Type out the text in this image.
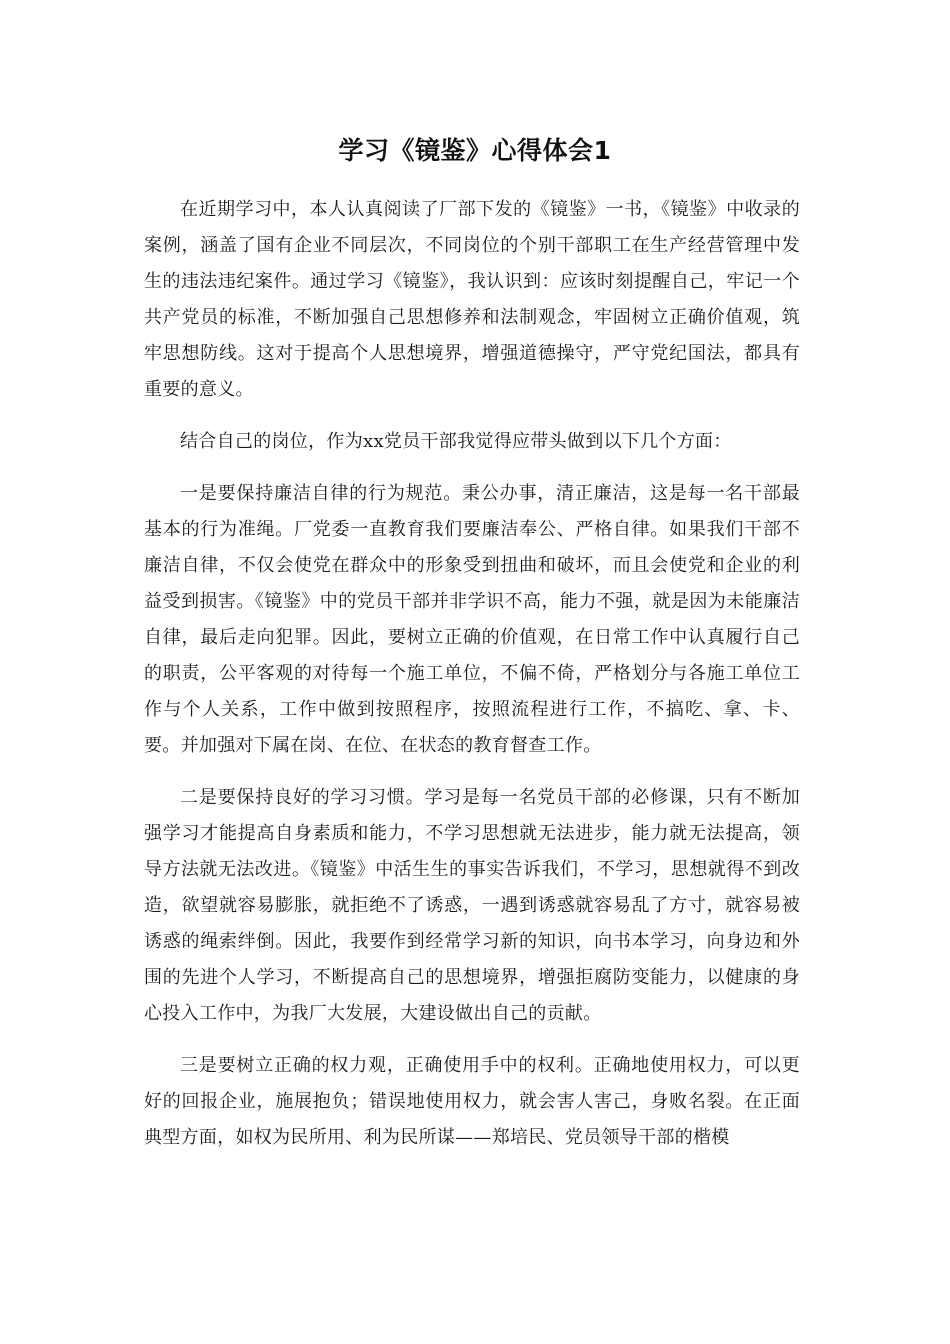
学习《镜鉴》心得体会1

在近期学习中，本人认真阅读了厂部下发的《镜鉴》一书，《镜鉴》中收录的案例，涵盖了国有企业不同层次，不同岗位的个别干部职工在生产经营管理中发生的违法违纪案件。通过学习《镜鉴》，我认识到：应该时刻提醒自己，牢记一个共产党员的标准，不断加强自己思想修养和法制观念，牢固树立正确价值观，筑牢思想防线。这对于提高个人思想境界，增强道德操守，严守党纪国法，都具有重要的意义。

结合自己的岗位，作为xx党员干部我觉得应带头做到以下几个方面：

一是要保持廉洁自律的行为规范。秉公办事，清正廉洁，这是每一名干部最基本的行为准绳。厂党委一直教育我们要廉洁奉公、严格自律。如果我们干部不廉洁自律，不仅会使党在群众中的形象受到扭曲和破坏，而且会使党和企业的利益受到损害。《镜鉴》中的党员干部并非学识不高，能力不强，就是因为未能廉洁自律，最后走向犯罪。因此，要树立正确的价值观，在日常工作中认真履行自己的职责，公平客观的对待每一个施工单位，不偏不倚，严格划分与各施工单位工作与个人关系，工作中做到按照程序，按照流程进行工作，不搞吃、拿、卡、要。并加强对下属在岗、在位、在状态的教育督查工作。

二是要保持良好的学习习惯。学习是每一名党员干部的必修课，只有不断加强学习才能提高自身素质和能力，不学习思想就无法进步，能力就无法提高，领导方法就无法改进。《镜鉴》中活生生的事实告诉我们，不学习，思想就得不到改造，欲望就容易膨胀，就拒绝不了诱惑，一遇到诱惑就容易乱了方寸，就容易被诱惑的绳索绊倒。因此，我要作到经常学习新的知识，向书本学习，向身边和外围的先进个人学习，不断提高自己的思想境界，增强拒腐防变能力，以健康的身心投入工作中，为我厂大发展，大建设做出自己的贡献。

三是要树立正确的权力观，正确使用手中的权利。正确地使用权力，可以更好的回报企业，施展抱负；错误地使用权力，就会害人害己，身败名裂。在正面典型方面，如权为民所用、利为民所谋——郑培民、党员领导干部的楷模
